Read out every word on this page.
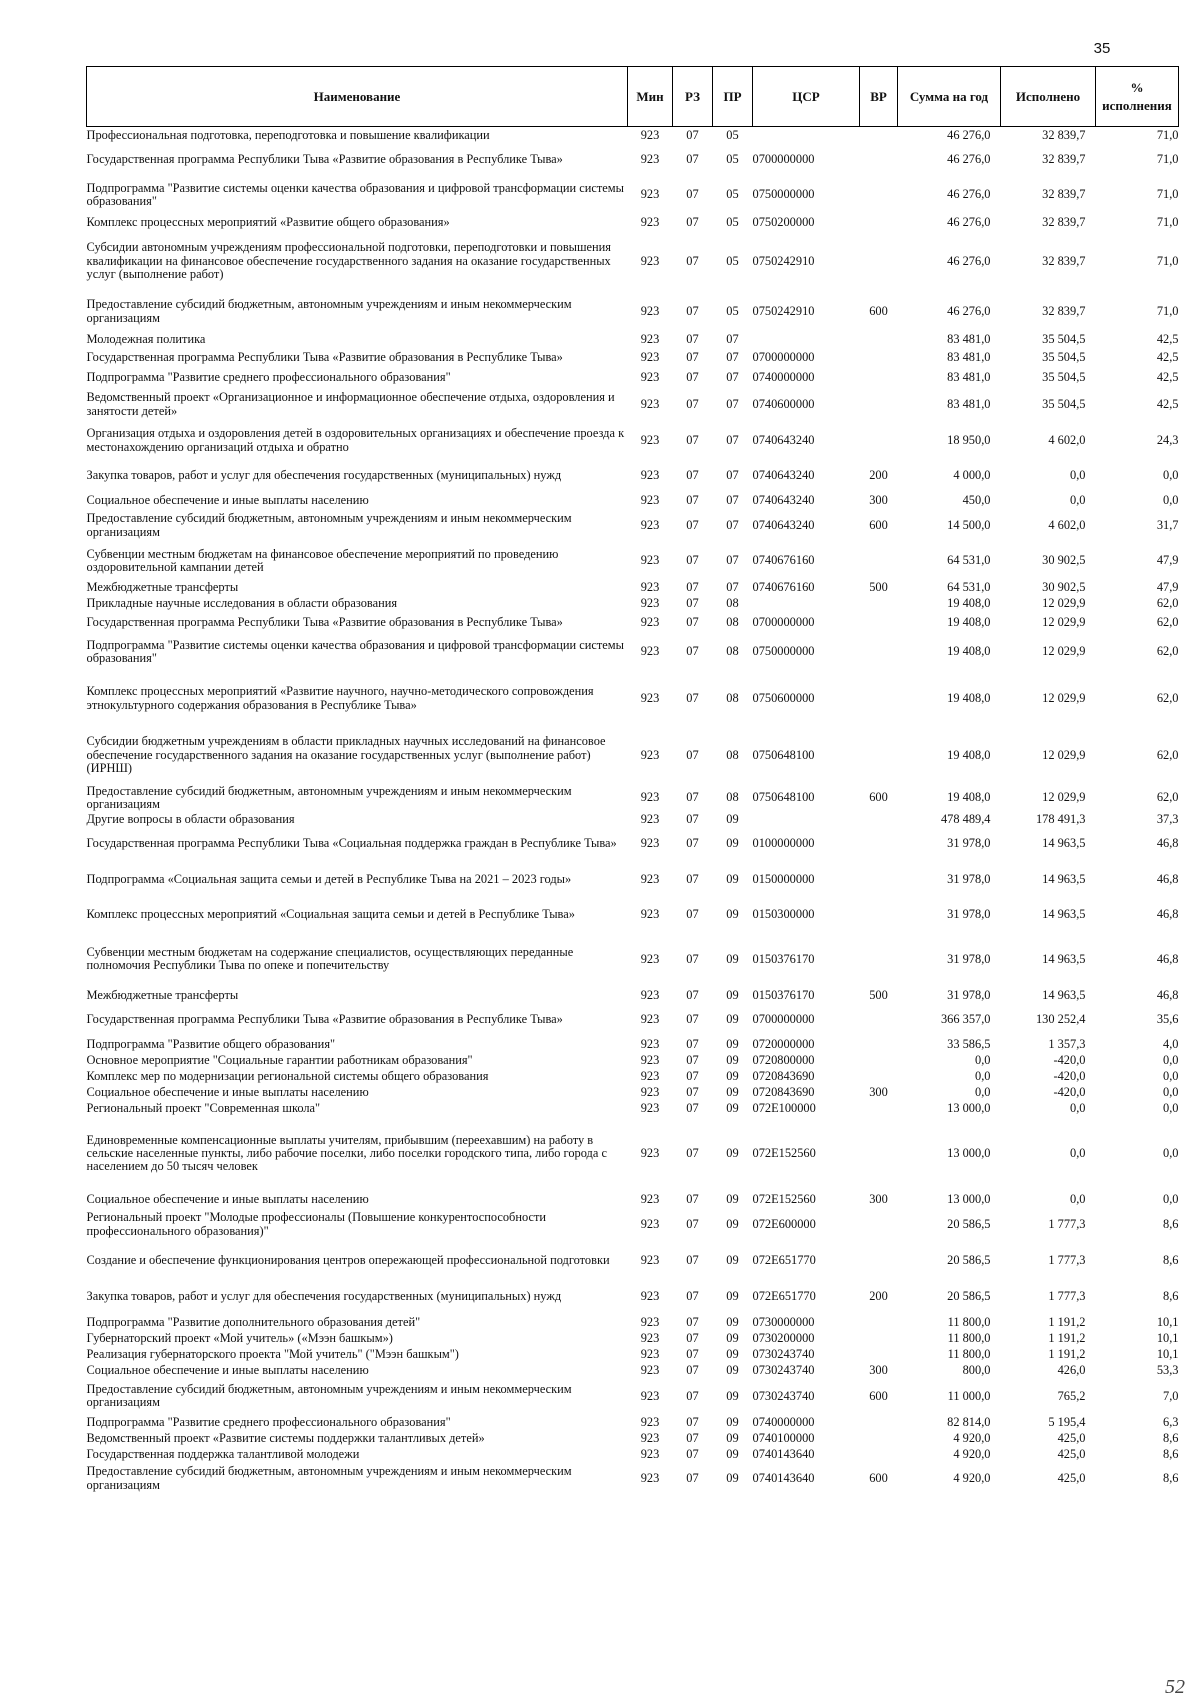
35
Наименование	Мин	РЗ	ПР	ЦСР	ВР	Сумма на год	Исполнено	% исполнения
Профессиональная подготовка, переподготовка и повышение квалификации	923	07	05			46 276,0	32 839,7	71,0
Государственная программа Республики Тыва «Развитие образования в Республике Тыва»	923	07	05	0700000000		46 276,0	32 839,7	71,0
Подпрограмма "Развитие системы оценки качества образования и цифровой трансформации системы образования"	923	07	05	0750000000		46 276,0	32 839,7	71,0
Комплекс процессных мероприятий «Развитие общего образования»	923	07	05	0750200000		46 276,0	32 839,7	71,0
Субсидии автономным учреждениям профессиональной подготовки, переподготовки и повышения квалификации на финансовое обеспечение государственного задания на оказание государственных услуг (выполнение работ)	923	07	05	0750242910		46 276,0	32 839,7	71,0
Предоставление субсидий бюджетным, автономным учреждениям и иным некоммерческим организациям	923	07	05	0750242910	600	46 276,0	32 839,7	71,0
Молодежная политика	923	07	07			83 481,0	35 504,5	42,5
Государственная программа Республики Тыва «Развитие образования в Республике Тыва»	923	07	07	0700000000		83 481,0	35 504,5	42,5
Подпрограмма "Развитие среднего профессионального образования"	923	07	07	0740000000		83 481,0	35 504,5	42,5
Ведомственный проект «Организационное и информационное обеспечение отдыха, оздоровления и занятости детей»	923	07	07	0740600000		83 481,0	35 504,5	42,5
Организация отдыха и оздоровления детей в оздоровительных организациях и обеспечение проезда к местонахождению организаций отдыха и обратно	923	07	07	0740643240		18 950,0	4 602,0	24,3
Закупка товаров, работ и услуг для обеспечения государственных (муниципальных) нужд	923	07	07	0740643240	200	4 000,0	0,0	0,0
Социальное обеспечение и иные выплаты населению	923	07	07	0740643240	300	450,0	0,0	0,0
Предоставление субсидий бюджетным, автономным учреждениям и иным некоммерческим организациям	923	07	07	0740643240	600	14 500,0	4 602,0	31,7
Субвенции местным бюджетам на финансовое обеспечение мероприятий по проведению оздоровительной кампании детей	923	07	07	0740676160		64 531,0	30 902,5	47,9
Межбюджетные трансферты	923	07	07	0740676160	500	64 531,0	30 902,5	47,9
Прикладные научные исследования в области образования	923	07	08			19 408,0	12 029,9	62,0
Государственная программа Республики Тыва «Развитие образования в Республике Тыва»	923	07	08	0700000000		19 408,0	12 029,9	62,0
Подпрограмма "Развитие системы оценки качества образования и цифровой трансформации системы образования"	923	07	08	0750000000		19 408,0	12 029,9	62,0
Комплекс процессных мероприятий «Развитие научного, научно-методического сопровождения этнокультурного содержания образования в Республике Тыва»	923	07	08	0750600000		19 408,0	12 029,9	62,0
Субсидии бюджетным учреждениям в области прикладных научных исследований на финансовое обеспечение государственного задания на оказание государственных услуг (выполнение работ) (ИРНШ)	923	07	08	0750648100		19 408,0	12 029,9	62,0
Предоставление субсидий бюджетным, автономным учреждениям и иным некоммерческим организациям	923	07	08	0750648100	600	19 408,0	12 029,9	62,0
Другие вопросы в области образования	923	07	09			478 489,4	178 491,3	37,3
Государственная программа Республики Тыва «Социальная поддержка граждан в Республике Тыва»	923	07	09	0100000000		31 978,0	14 963,5	46,8
Подпрограмма «Социальная защита семьи и детей в Республике Тыва на 2021 – 2023 годы»	923	07	09	0150000000		31 978,0	14 963,5	46,8
Комплекс процессных мероприятий «Социальная защита семьи и детей в Республике Тыва»	923	07	09	0150300000		31 978,0	14 963,5	46,8
Субвенции местным бюджетам на содержание специалистов, осуществляющих переданные полномочия Республики Тыва по опеке и попечительству	923	07	09	0150376170		31 978,0	14 963,5	46,8
Межбюджетные трансферты	923	07	09	0150376170	500	31 978,0	14 963,5	46,8
Государственная программа Республики Тыва «Развитие образования в Республике Тыва»	923	07	09	0700000000		366 357,0	130 252,4	35,6
Подпрограмма "Развитие общего образования"	923	07	09	0720000000		33 586,5	1 357,3	4,0
Основное мероприятие "Социальные гарантии работникам образования"	923	07	09	0720800000		0,0	-420,0	0,0
Комплекс мер по модернизации региональной системы общего образования	923	07	09	0720843690		0,0	-420,0	0,0
Социальное обеспечение и иные выплаты населению	923	07	09	0720843690	300	0,0	-420,0	0,0
Региональный проект "Современная школа"	923	07	09	072E100000		13 000,0	0,0	0,0
Единовременные компенсационные выплаты учителям, прибывшим (переехавшим) на работу в сельские населенные пункты, либо рабочие поселки, либо поселки городского типа, либо города с населением до 50 тысяч человек	923	07	09	072E152560		13 000,0	0,0	0,0
Социальное обеспечение и иные выплаты населению	923	07	09	072E152560	300	13 000,0	0,0	0,0
Региональный проект "Молодые профессионалы (Повышение конкурентоспособности профессионального образования)"	923	07	09	072E600000		20 586,5	1 777,3	8,6
Создание и обеспечение функционирования центров опережающей профессиональной подготовки	923	07	09	072E651770		20 586,5	1 777,3	8,6
Закупка товаров, работ и услуг для обеспечения государственных (муниципальных) нужд	923	07	09	072E651770	200	20 586,5	1 777,3	8,6
Подпрограмма "Развитие дополнительного образования детей"	923	07	09	0730000000		11 800,0	1 191,2	10,1
Губернаторский проект «Мой учитель» («Мээн башкым»)	923	07	09	0730200000		11 800,0	1 191,2	10,1
Реализация губернаторского проекта "Мой учитель" ("Мээн башкым")	923	07	09	0730243740		11 800,0	1 191,2	10,1
Социальное обеспечение и иные выплаты населению	923	07	09	0730243740	300	800,0	426,0	53,3
Предоставление субсидий бюджетным, автономным учреждениям и иным некоммерческим организациям	923	07	09	0730243740	600	11 000,0	765,2	7,0
Подпрограмма "Развитие среднего профессионального образования"	923	07	09	0740000000		82 814,0	5 195,4	6,3
Ведомственный проект «Развитие системы поддержки талантливых детей»	923	07	09	0740100000		4 920,0	425,0	8,6
Государственная поддержка талантливой молодежи	923	07	09	0740143640		4 920,0	425,0	8,6
Предоставление субсидий бюджетным, автономным учреждениям и иным некоммерческим организациям	923	07	09	0740143640	600	4 920,0	425,0	8,6
52
